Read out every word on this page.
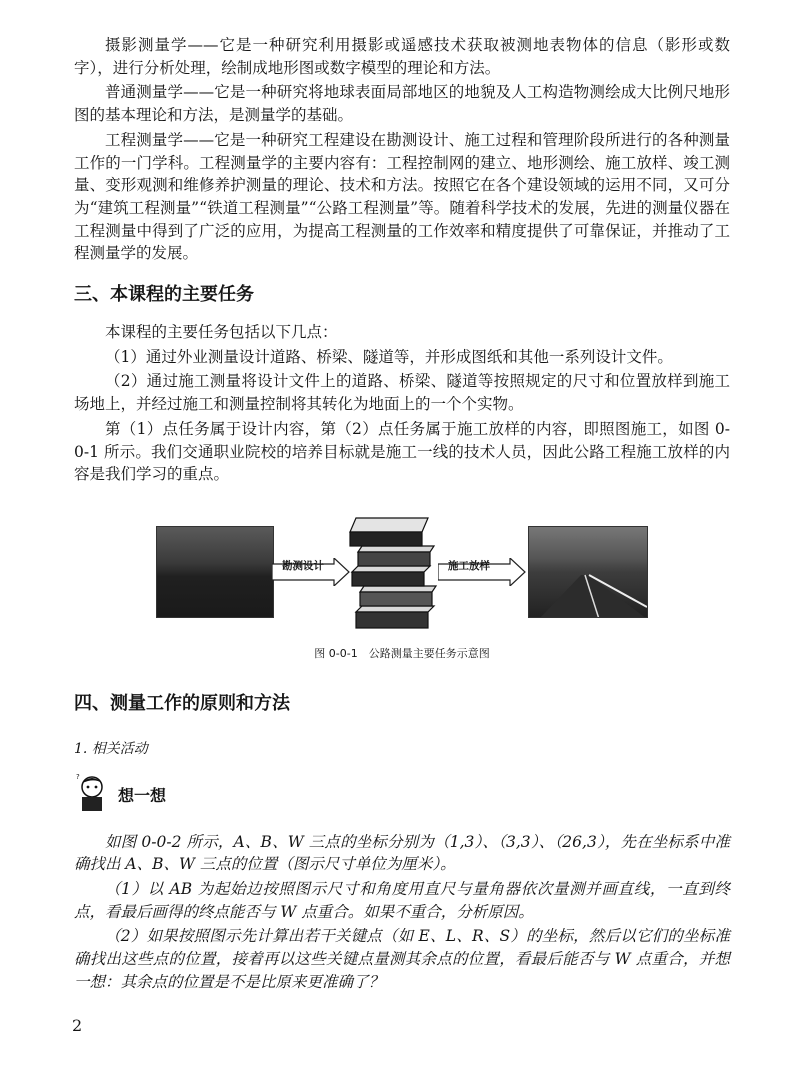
摄影测量学——它是一种研究利用摄影或遥感技术获取被测地表物体的信息（影形或数字），进行分析处理，绘制成地形图或数字模型的理论和方法。

普通测量学——它是一种研究将地球表面局部地区的地貌及人工构造物测绘成大比例尺地形图的基本理论和方法，是测量学的基础。

工程测量学——它是一种研究工程建设在勘测设计、施工过程和管理阶段所进行的各种测量工作的一门学科。工程测量学的主要内容有：工程控制网的建立、地形测绘、施工放样、竣工测量、变形观测和维修养护测量的理论、技术和方法。按照它在各个建设领域的运用不同，又可分为“建筑工程测量”“铁道工程测量”“公路工程测量”等。随着科学技术的发展，先进的测量仪器在工程测量中得到了广泛的应用，为提高工程测量的工作效率和精度提供了可靠保证，并推动了工程测量学的发展。

三、本课程的主要任务

本课程的主要任务包括以下几点：

（1）通过外业测量设计道路、桥梁、隧道等，并形成图纸和其他一系列设计文件。

（2）通过施工测量将设计文件上的道路、桥梁、隧道等按照规定的尺寸和位置放样到施工场地上，并经过施工和测量控制将其转化为地面上的一个个实物。

第（1）点任务属于设计内容，第（2）点任务属于施工放样的内容，即照图施工，如图 0-0-1 所示。我们交通职业院校的培养目标就是施工一线的技术人员，因此公路工程施工放样的内容是我们学习的重点。

勘测设计	施工放样

图 0-0-1　公路测量主要任务示意图

四、测量工作的原则和方法

1. 相关活动

?
想一想

如图 0-0-2 所示，A、B、W 三点的坐标分别为（1,3）、（3,3）、（26,3），先在坐标系中准确找出 A、B、W 三点的位置（图示尺寸单位为厘米）。

（1）以 AB 为起始边按照图示尺寸和角度用直尺与量角器依次量测并画直线，一直到终点，看最后画得的终点能否与 W 点重合。如果不重合，分析原因。

（2）如果按照图示先计算出若干关键点（如 E、L、R、S）的坐标，然后以它们的坐标准确找出这些点的位置，接着再以这些关键点量测其余点的位置，看最后能否与 W 点重合，并想一想：其余点的位置是不是比原来更准确了？

2
